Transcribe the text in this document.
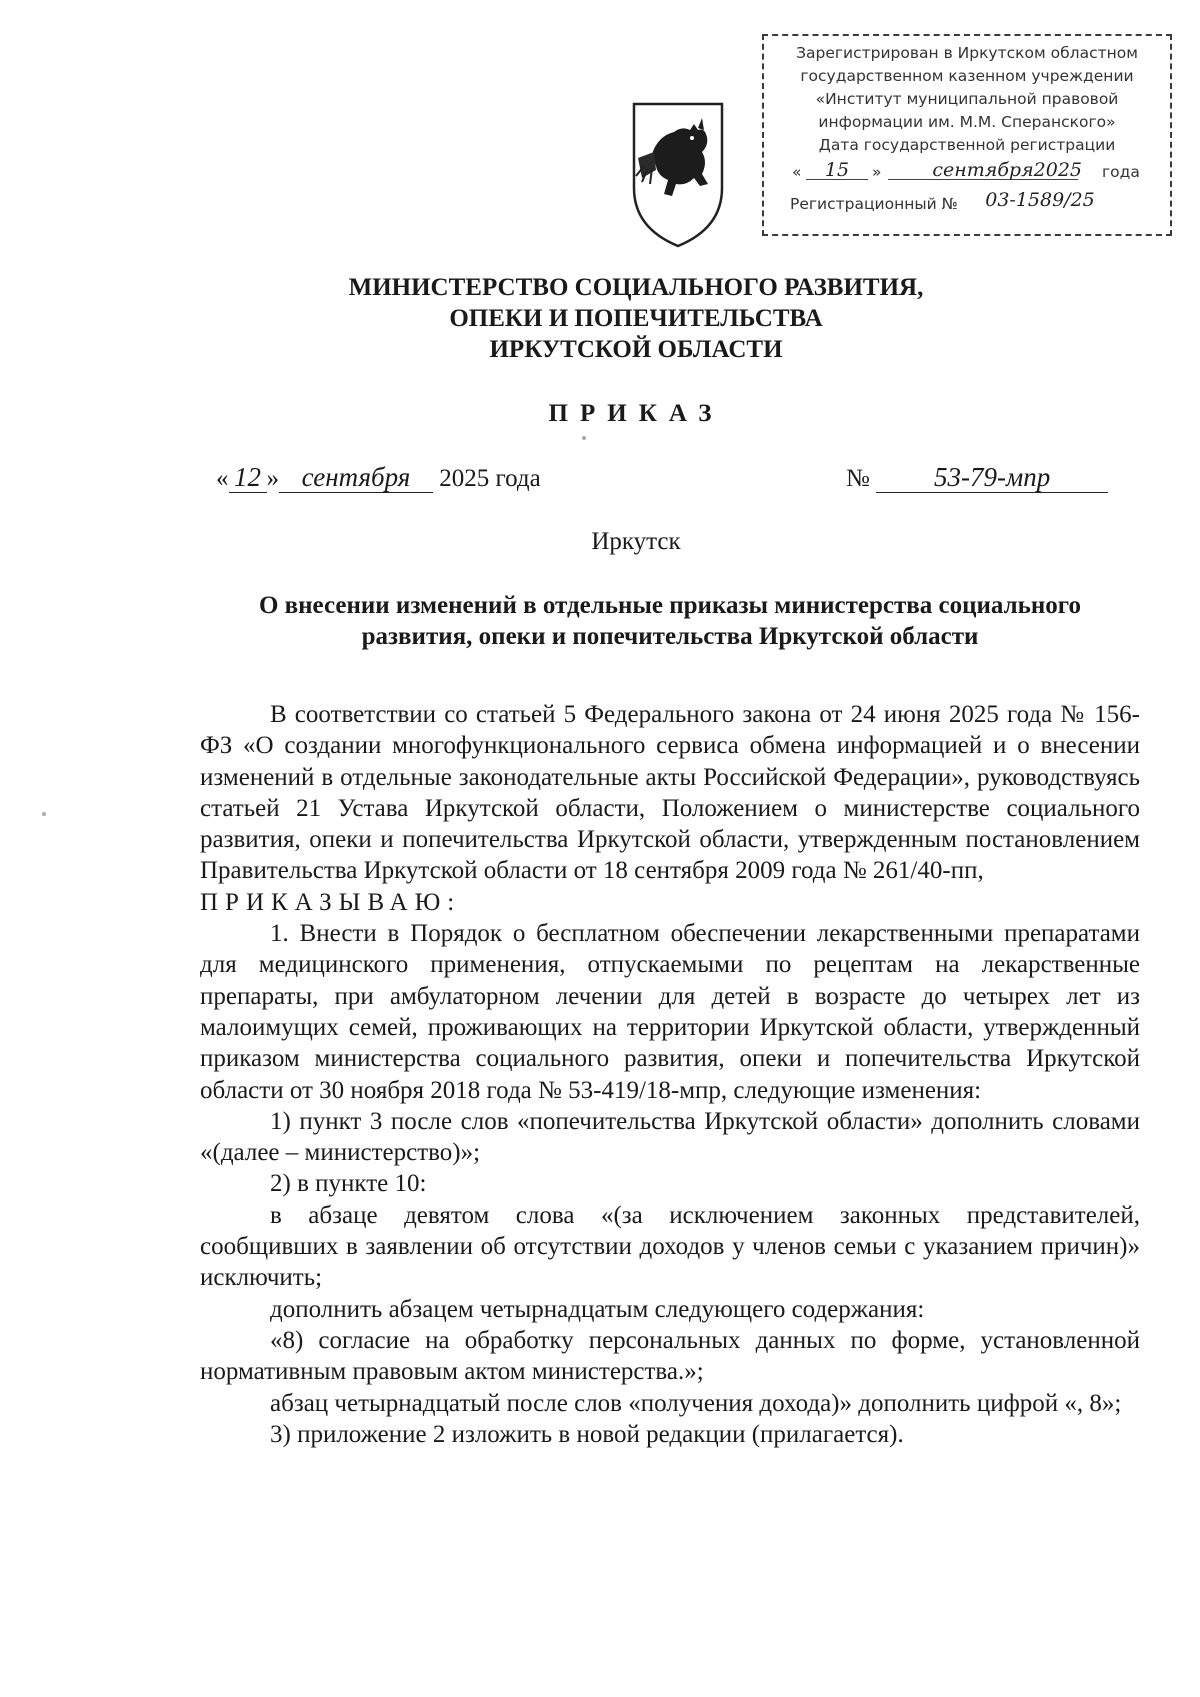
Зарегистрирован в Иркутском областном
государственном казенном учреждении
«Институт муниципальной правовой
информации им. М.М. Сперанского»
Дата государственной регистрации
«	15	»	сентября 2025 года
Регистрационный №	03-1589/25
МИНИСТЕРСТВО СОЦИАЛЬНОГО РАЗВИТИЯ,
ОПЕКИ И ПОПЕЧИТЕЛЬСТВА
ИРКУТСКОЙ ОБЛАСТИ
ПРИКАЗ
« 12 » сентября 2025 года	№ 53-79-мпр
Иркутск
О внесении изменений в отдельные приказы министерства социального
развития, опеки и попечительства Иркутской области

В соответствии со статьей 5 Федерального закона от 24 июня 2025 года № 156-ФЗ «О создании многофункционального сервиса обмена информацией и о внесении изменений в отдельные законодательные акты Российской Федерации», руководствуясь статьей 21 Устава Иркутской области, Положением о министерстве социального развития, опеки и попечительства Иркутской области, утвержденным постановлением Правительства Иркутской области от 18 сентября 2009 года № 261/40-пп,

ПРИКАЗЫВАЮ:

1. Внести в Порядок о бесплатном обеспечении лекарственными препаратами для медицинского применения, отпускаемыми по рецептам на лекарственные препараты, при амбулаторном лечении для детей в возрасте до четырех лет из малоимущих семей, проживающих на территории Иркутской области, утвержденный приказом министерства социального развития, опеки и попечительства Иркутской области от 30 ноября 2018 года № 53-419/18-мпр, следующие изменения:

1) пункт 3 после слов «попечительства Иркутской области» дополнить словами «(далее – министерство)»;

2) в пункте 10:

в абзаце девятом слова «(за исключением законных представителей, сообщивших в заявлении об отсутствии доходов у членов семьи с указанием причин)» исключить;

дополнить абзацем четырнадцатым следующего содержания:

«8) согласие на обработку персональных данных по форме, установленной нормативным правовым актом министерства.»;

абзац четырнадцатый после слов «получения дохода)» дополнить цифрой «, 8»;

3) приложение 2 изложить в новой редакции (прилагается).
